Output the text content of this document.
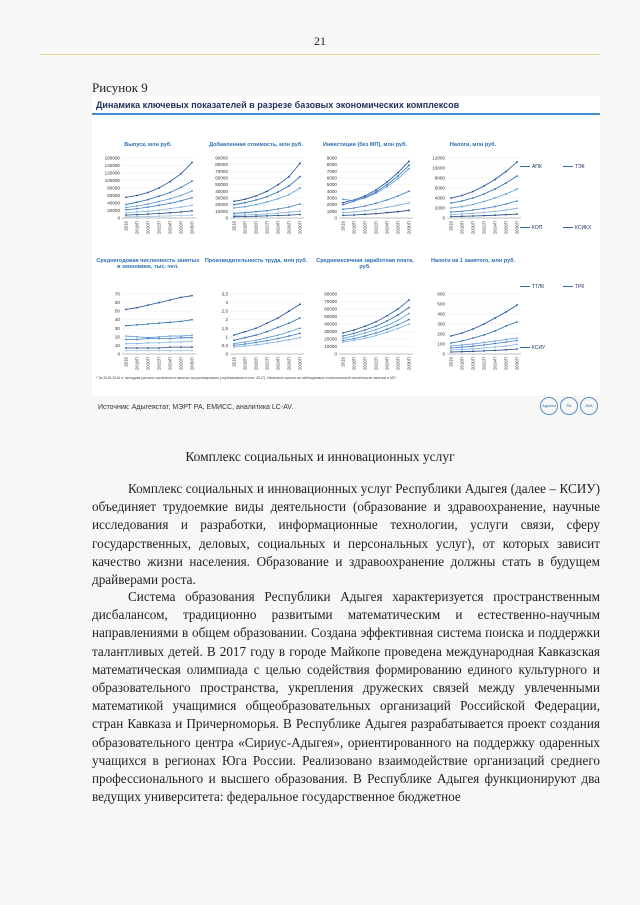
21
Рисунок 9
Динамика ключевых показателей в разрезе базовых экономических комплексов
Выпуск, млн руб.
0
20000
40000
60000
80000
100000
120000
140000
160000
2016 2018П 2020П 2022П 2024П 2026П 2030П
Добавленная стоимость, млн руб.
0
10000
20000
30000
40000
50000
60000
70000
80000
90000
2016 2018П 2020П 2022П 2024П 2026П 2030П
Инвестиции (без МП), млн руб.
0
1000
2000
3000
4000
5000
6000
7000
8000
9000
2016 2018П 2020П 2022П 2024П 2026П 2030П
Налоги, млн руб.
0
2000
4000
6000
8000
10000
12000
2016 2018П 2020П 2022П 2024П 2026П 2030П
Среднегодовая численность занятых в экономике, тыс. чел.
0
10
20
30
40
50
60
70
2016 2018П 2020П 2022П 2024П 2026П 2030П
Производительность труда, млн руб.
0
0,5
1
1,5
2
2,5
3
3,5
2016 2018П 2020П 2022П 2024П 2026П 2030П
Среднемесячная заработная плата, руб.
0
10000
20000
30000
40000
50000
60000
70000
80000
2016 2018П 2020П 2022П 2024П 2026П 2030П
Налоги на 1 занятого, млн руб.
0
100
200
300
400
500
600
2016 2018П 2020П 2022П 2024П 2026П 2030П
АПК	ТЭК
КОП	КСИКХ
ТТЛК	ТРК
КСИУ
* За 2015-2016 гг. методика расчета численности занятых актуализирована (опубликована в сент. 2017). Изменена оценка на наблюдаемых статистической численности занятых в МП
Источник: Адыгеястат, МЭРТ РА, ЕМИСС, аналитика LC-AV.	Адыгея	РА	AVA
Комплекс социальных и инновационных услуг

Комплекс социальных и инновационных услуг Республики Адыгея (далее – КСИУ) объединяет трудоемкие виды деятельности (образование и здравоохранение, научные исследования и разработки, информационные технологии, услуги связи, сферу государственных, деловых, социальных и персональных услуг), от которых зависит качество жизни населения. Образование и здравоохранение должны стать в будущем драйверами роста.

Система образования Республики Адыгея характеризуется пространственным дисбалансом, традиционно развитыми математическим и естественно-научным направлениями в общем образовании. Создана эффективная система поиска и поддержки талантливых детей. В 2017 году в городе Майкопе проведена международная Кавказская математическая олимпиада с целью содействия формированию единого культурного и образовательного пространства, укрепления дружеских связей между увлеченными математикой учащимися общеобразовательных организаций Российской Федерации, стран Кавказа и Причерноморья. В Республике Адыгея разрабатывается проект создания образовательного центра «Сириус-Адыгея», ориентированного на поддержку одаренных учащихся в регионах Юга России. Реализовано взаимодействие организаций среднего профессионального и высшего образования. В Республике Адыгея функционируют два ведущих университета: федеральное государственное бюджетное
